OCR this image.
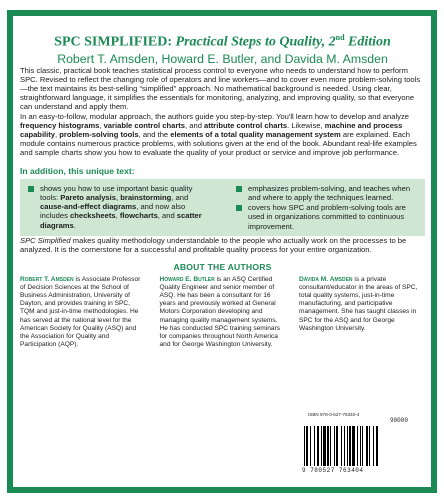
SPC SIMPLIFIED: Practical Steps to Quality, 2nd Edition
Robert T. Amsden, Howard E. Butler, and Davida M. Amsden

This classic, practical book teaches statistical process control to everyone who needs to understand how to perform SPC. Revised to reflect the changing role of operators and line workers—and to cover even more problem-solving tools—the text maintains its best-selling “simplified” approach. No mathematical background is needed. Using clear, straightforward language, it simplifies the essentials for monitoring, analyzing, and improving quality, so that everyone can understand and apply them.

In an easy-to-follow, modular approach, the authors guide you step-by-step. You'll learn how to develop and analyze frequency histograms, variable control charts, and attribute control charts. Likewise, machine and process capability, problem-solving tools, and the elements of a total quality management system are explained. Each module contains numerous practice problems, with solutions given at the end of the book. Abundant real-life examples and sample charts show you how to evaluate the quality of your product or service and improve job performance.

In addition, this unique text:
shows you how to use important basic quality tools: Pareto analysis, brainstorming, and cause-and-effect diagrams, and now also includes checksheets, flowcharts, and scatter diagrams.
emphasizes problem-solving, and teaches when and where to apply the techniques learned.
covers how SPC and problem-solving tools are used in organizations committed to continuous improvement.

SPC Simplified makes quality methodology understandable to the people who actually work on the processes to be analyzed. It is the cornerstone for a successful and profitable quality process for your entire organization.

ABOUT THE AUTHORS
Robert T. Amsden is Associate Professor of Decision Sciences at the School of Business Administration, University of Dayton, and provides training in SPC, TQM and just-in-time methodologies. He has served at the national level for the American Society for Quality (ASQ) and the Association for Quality and Participation (AQP).
Howard E. Butler is an ASQ Certified Quality Engineer and senior member of ASQ. He has been a consultant for 16 years and previously worked at General Motors Corporation developing and managing quality management systems. He has conducted SPC training seminars for companies throughout North America and for George Washington University.
Davida M. Amsden is a private consultant/educator in the areas of SPC, total quality systems, just-in-time manufacturing, and participative management. She has taught classes in SPC for the ASQ and for George Washington University.
ISBN 978-0-527-76340-4
90000
9 780527 763404
